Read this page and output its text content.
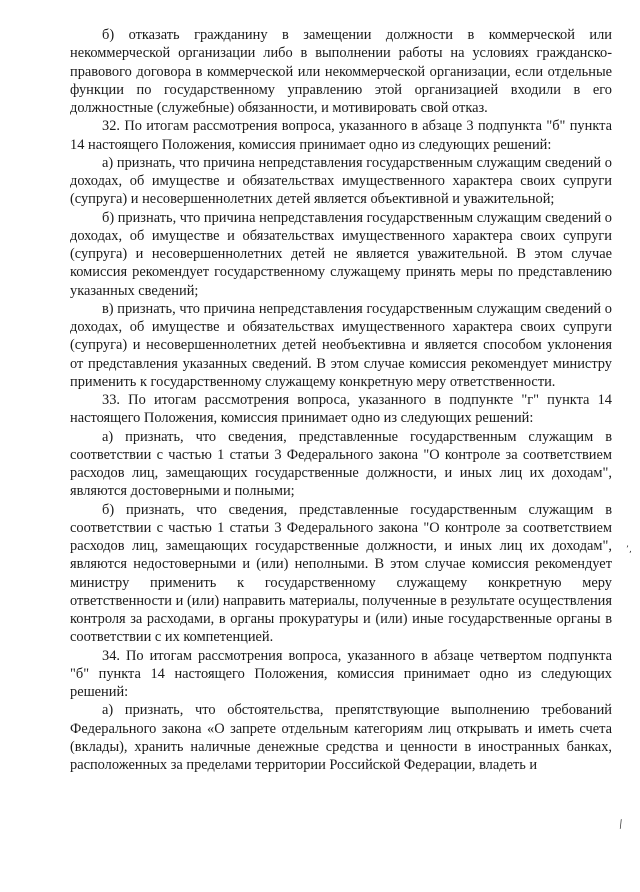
б) отказать гражданину в замещении должности в коммерческой или некоммерческой организации либо в выполнении работы на условиях гражданско-правового договора в коммерческой или некоммерческой организации, если отдельные функции по государственному управлению этой организацией входили в его должностные (служебные) обязанности, и мотивировать свой отказ.

32. По итогам рассмотрения вопроса, указанного в абзаце 3 подпункта "б" пункта 14 настоящего Положения, комиссия принимает одно из следующих решений:

а) признать, что причина непредставления государственным служащим сведений о доходах, об имуществе и обязательствах имущественного характера своих супруги (супруга) и несовершеннолетних детей является объективной и уважительной;

б) признать, что причина непредставления государственным служащим сведений о доходах, об имуществе и обязательствах имущественного характера своих супруги (супруга) и несовершеннолетних детей не является уважительной. В этом случае комиссия рекомендует государственному служащему принять меры по представлению указанных сведений;

в) признать, что причина непредставления государственным служащим сведений о доходах, об имуществе и обязательствах имущественного характера своих супруги (супруга) и несовершеннолетних детей необъективна и является способом уклонения от представления указанных сведений. В этом случае комиссия рекомендует министру применить к государственному служащему конкретную меру ответственности.

33. По итогам рассмотрения вопроса, указанного в подпункте "г" пункта 14 настоящего Положения, комиссия принимает одно из следующих решений:

а) признать, что сведения, представленные государственным служащим в соответствии с частью 1 статьи 3 Федерального закона "О контроле за соответствием расходов лиц, замещающих государственные должности, и иных лиц их доходам", являются достоверными и полными;

б) признать, что сведения, представленные государственным служащим в соответствии с частью 1 статьи 3 Федерального закона "О контроле за соответствием расходов лиц, замещающих государственные должности, и иных лиц их доходам", являются недостоверными и (или) неполными. В этом случае комиссия рекомендует министру применить к государственному служащему конкретную меру ответственности и (или) направить материалы, полученные в результате осуществления контроля за расходами, в органы прокуратуры и (или) иные государственные органы в соответствии с их компетенцией.

34. По итогам рассмотрения вопроса, указанного в абзаце четвертом подпункта "б" пункта 14 настоящего Положения, комиссия принимает одно из следующих решений:

а) признать, что обстоятельства, препятствующие выполнению требований Федерального закона «О запрете отдельным категориям лиц открывать и иметь счета (вклады), хранить наличные денежные средства и ценности в иностранных банках, расположенных за пределами территории Российской Федерации, владеть и

’‚
⁄
